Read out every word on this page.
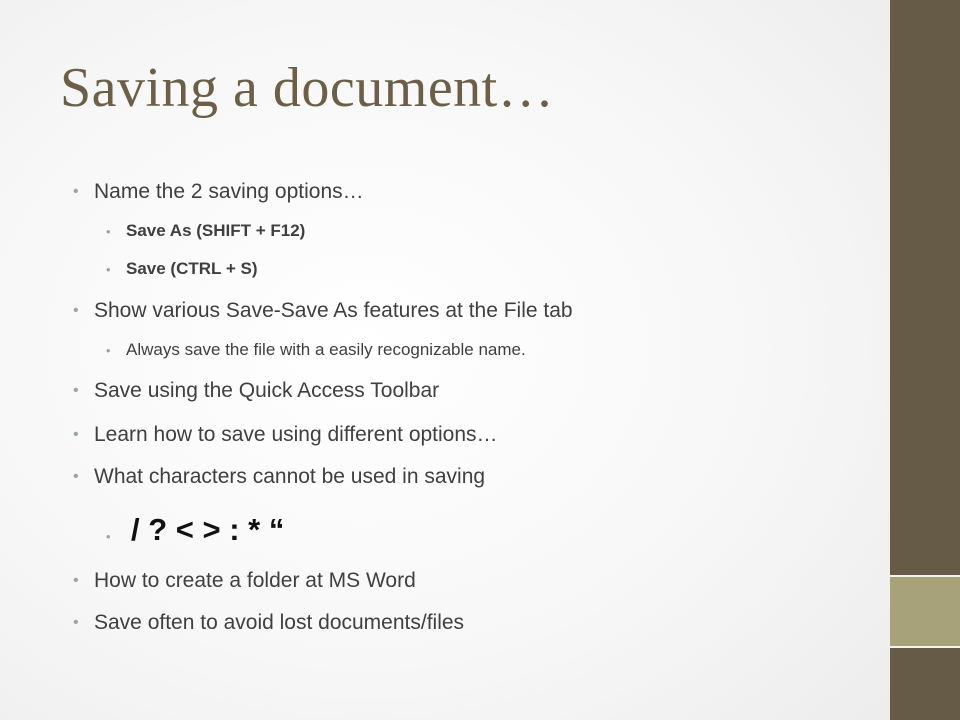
Saving a document…
• Name the 2 saving options…
• Save As (SHIFT + F12)
• Save (CTRL + S)
• Show various Save-Save As features at the File tab
• Always save the file with a easily recognizable name.
• Save using the Quick Access Toolbar
• Learn how to save using different options…
• What characters cannot be used in saving
• / ? < > : * “
• How to create a folder at MS Word
• Save often to avoid lost documents/files
